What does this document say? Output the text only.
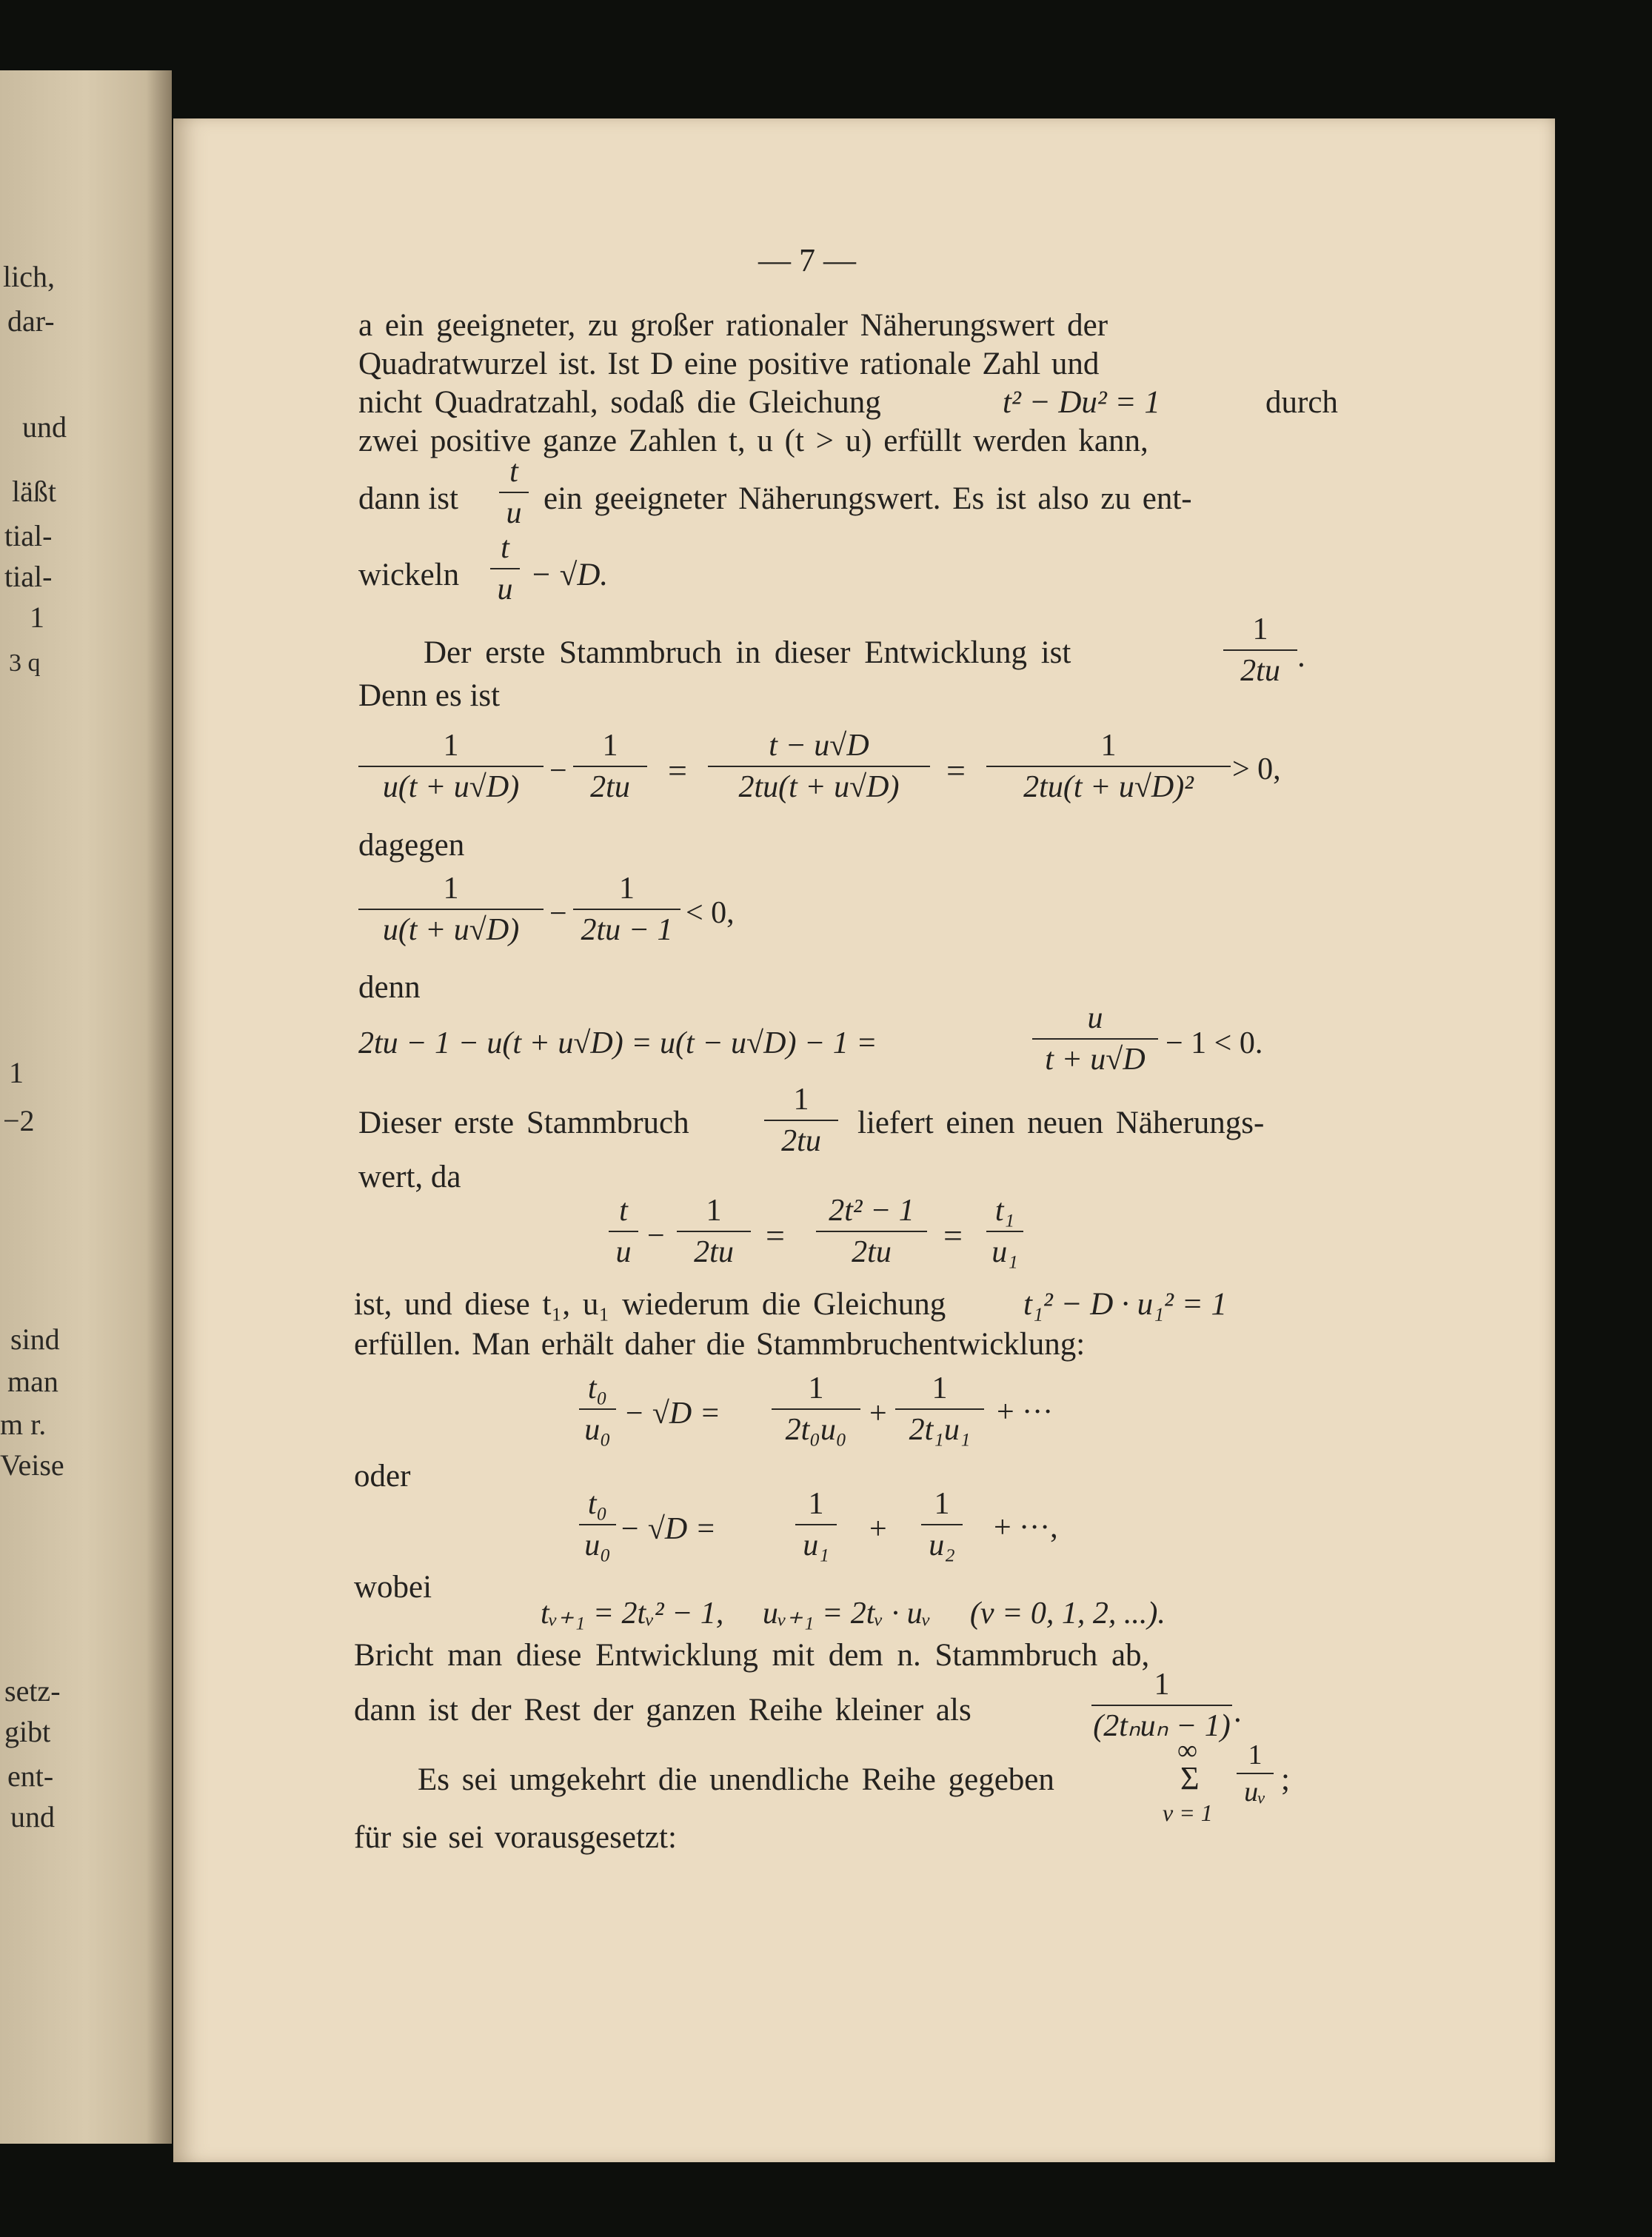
lich,
dar-
und
läßt
tial-
tial-
1
3 q
1
−2
sind
man
m r.
Veise
setz-
gibt
ent-
und
— 7 —
a ein geeigneter, zu großer rationaler Näherungswert der
Quadratwurzel ist. Ist D eine positive rationale Zahl und
nicht Quadratzahl, sodaß die Gleichung	t² − Du² = 1	durch
zwei positive ganze Zahlen t, u (t > u) erfüllt werden kann,
dann ist
t
u ein geeigneter Näherungswert. Es ist also zu ent-
wickeln
t
u − √D.
Der erste Stammbruch in dieser Entwicklung ist
1
2tu .
Denn es ist
1
u(t + u√D) −
1
2tu	=
t − u√D
2tu(t + u√D)	=
1
2tu(t + u√D)²
> 0,
dagegen
1
u(t + u√D) −
1
2tu − 1 < 0,
denn
2tu − 1 − u(t + u√D) = u(t − u√D) − 1 =
u
t + u√D − 1 < 0.
Dieser erste Stammbruch
1
2tu
liefert einen neuen Näherungs-
wert, da
t
u −
1
2tu =
2t² − 1
2tu	=
t₁
u₁
ist, und diese t₁, u₁ wiederum die Gleichung t₁² − D · u₁² = 1
erfüllen. Man erhält daher die Stammbruchentwicklung:
t₀
u₀ − √D =
1
2t₀u₀ +
1
2t₁u₁
+ ···
oder
t₀
u₀ − √D =
1
u₁ +
1
u₂
+ ···,
wobei
tᵥ₊₁ = 2tᵥ² − 1,     uᵥ₊₁ = 2tᵥ · uᵥ     (ν = 0, 1, 2, ...).
Bricht man diese Entwicklung mit dem n. Stammbruch ab,
dann ist der Rest der ganzen Reihe kleiner als
1
(2tₙuₙ − 1) .
Es sei umgekehrt die unendliche Reihe gegeben
∞
Σ
ν = 1
1
uᵥ ;
für sie sei vorausgesetzt:
